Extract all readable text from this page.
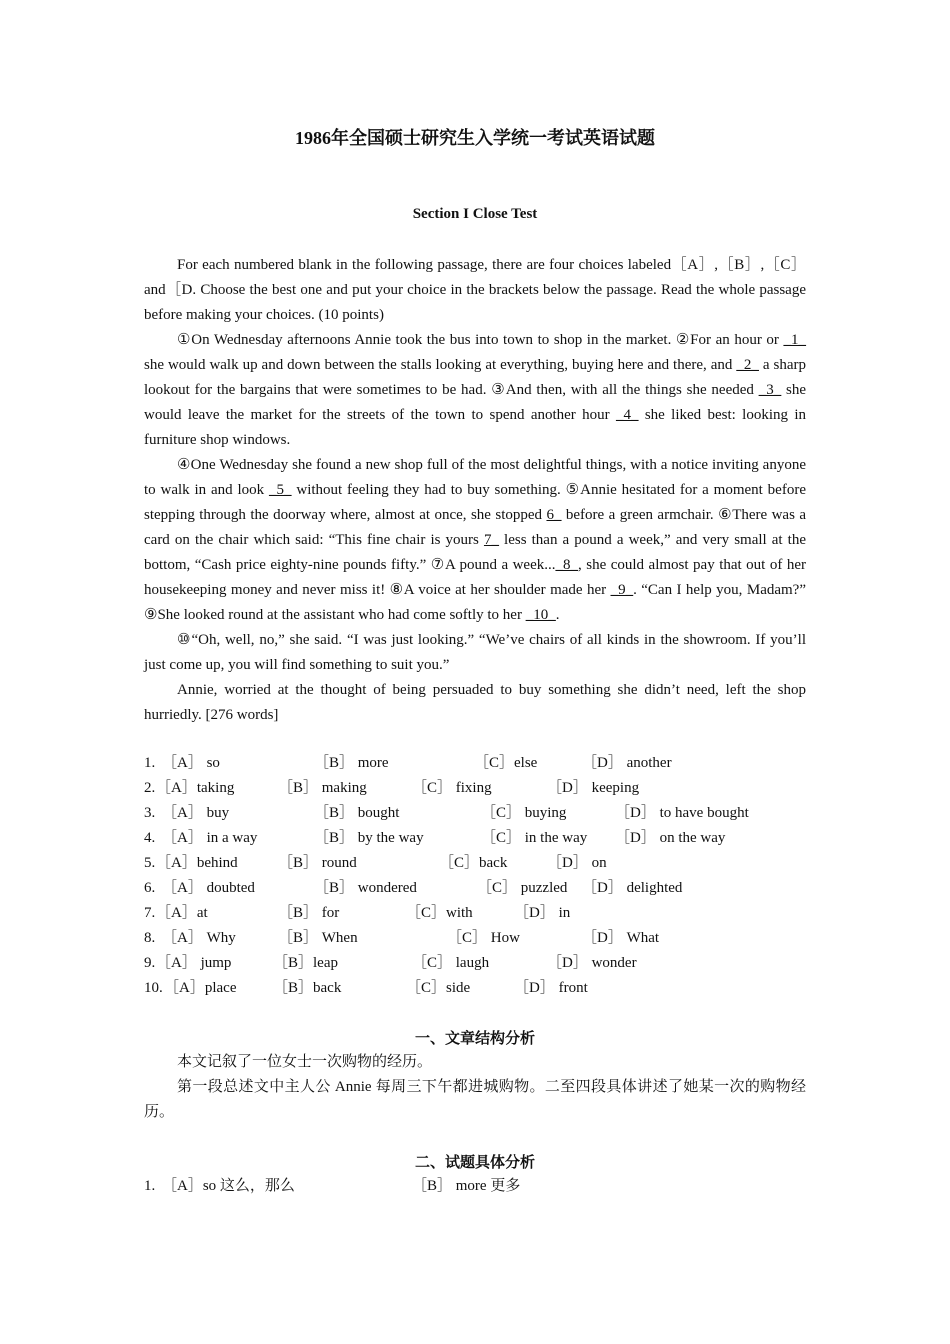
1986年全国硕士研究生入学统一考试英语试题
Section I Close Test

For each numbered blank in the following passage, there are four choices labeled［A］,［B］,［C］and［D. Choose the best one and put your choice in the brackets below the passage. Read the whole passage before making your choices. (10 points)

①On Wednesday afternoons Annie took the bus into town to shop in the market. ②For an hour or _1_ she would walk up and down between the stalls looking at everything, buying here and there, and _2_ a sharp lookout for the bargains that were sometimes to be had. ③And then, with all the things she needed _3_ she would leave the market for the streets of the town to spend another hour _4_ she liked best: looking in furniture shop windows.

④One Wednesday she found a new shop full of the most delightful things, with a notice inviting anyone to walk in and look _5_ without feeling they had to buy something. ⑤Annie hesitated for a moment before stepping through the doorway where, almost at once, she stopped 6_ before a green armchair. ⑥There was a card on the chair which said: “This fine chair is yours 7_ less than a pound a week,” and very small at the bottom, “Cash price eighty-nine pounds fifty.” ⑦A pound a week..._8_, she could almost pay that out of her housekeeping money and never miss it! ⑧A voice at her shoulder made her _9_. “Can I help you, Madam?” ⑨She looked round at the assistant who had come softly to her _10_.

⑩“Oh, well, no,” she said. “I was just looking.” “We’ve chairs of all kinds in the showroom. If you’ll just come up, you will find something to suit you.”

Annie, worried at the thought of being persuaded to buy something she didn’t need, left the shop hurriedly. [276 words]

1. ［A］ so	［B］ more	［C］else	［D］ another
2. ［A］taking	［B］ making	［C］ fixing	［D］ keeping
3. ［A］ buy	［B］ bought	［C］ buying	［D］ to have bought
4. ［A］ in a way	［B］ by the way	［C］ in the way ［D］ on the way
5. ［A］behind	［B］ round	［C］back	［D］ on
6. ［A］ doubted	［B］ wondered	［C］ puzzled ［D］ delighted
7. ［A］at	［B］ for	［C］with	［D］ in
8. ［A］ Why	［B］ When	［C］ How	［D］ What
9. ［A］ jump	［B］leap	［C］ laugh	［D］ wonder
10. ［A］place ［B］back	［C］side	［D］ front
一、文章结构分析

本文记叙了一位女士一次购物的经历。

第一段总述文中主人公 Annie 每周三下午都进城购物。二至四段具体讲述了她某一次的购物经历。

二、试题具体分析
1. ［A］so 这么，那么	［B］ more 更多
